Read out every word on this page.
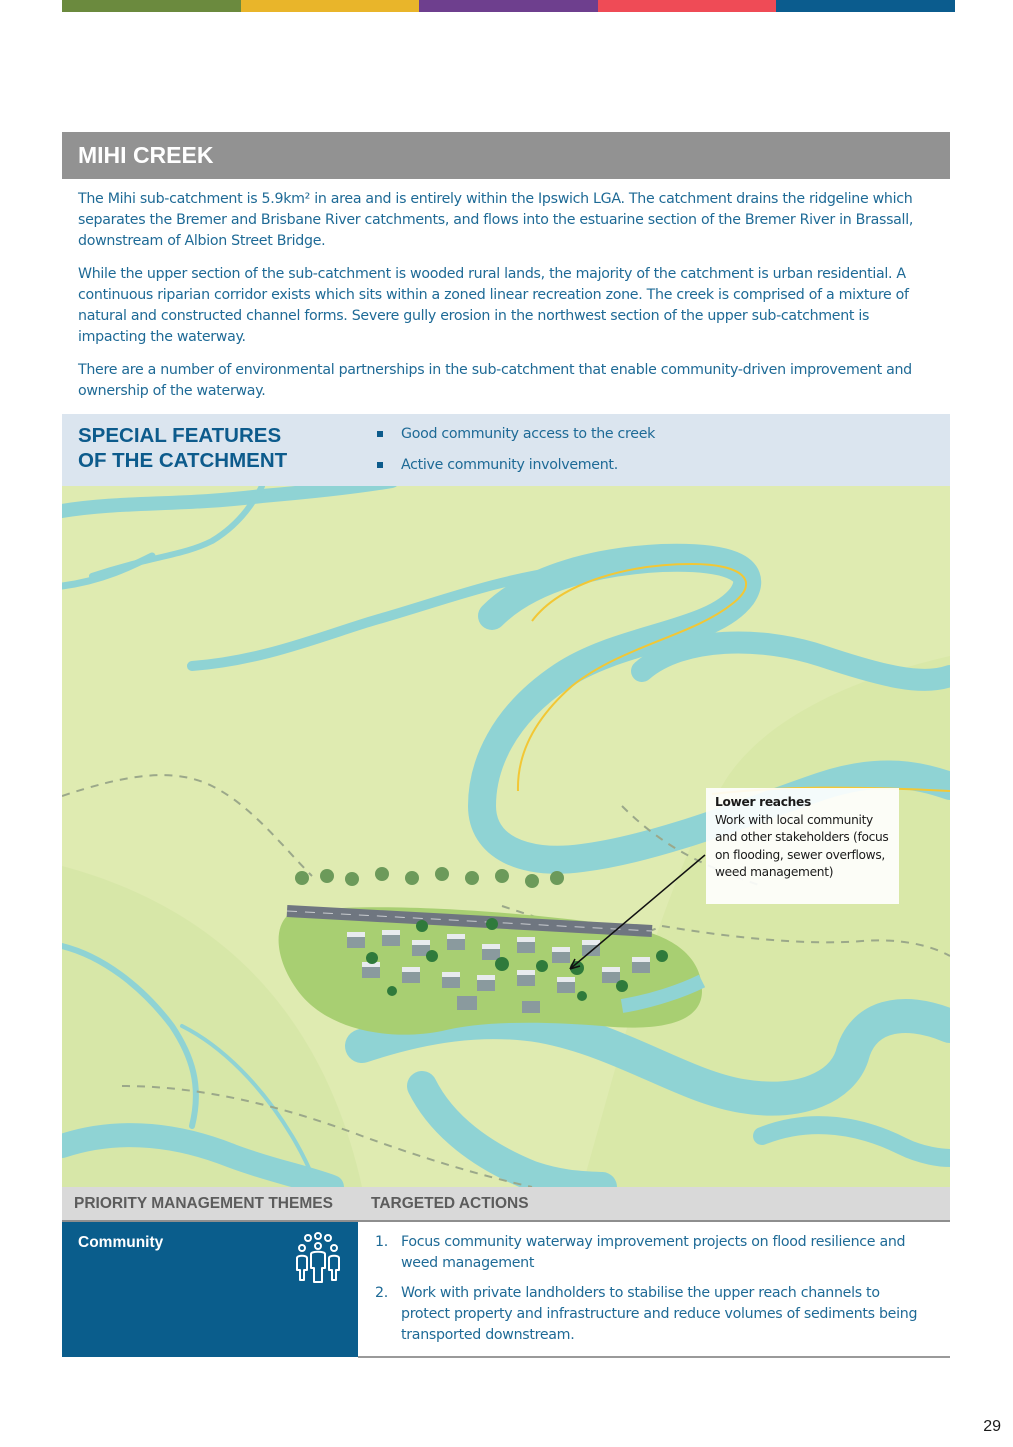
MIHI CREEK

The Mihi sub-catchment is 5.9km² in area and is entirely within the Ipswich LGA. The catchment drains the ridgeline which separates the Bremer and Brisbane River catchments, and flows into the estuarine section of the Bremer River in Brassall, downstream of Albion Street Bridge.

While the upper section of the sub-catchment is wooded rural lands, the majority of the catchment is urban residential. A continuous riparian corridor exists which sits within a zoned linear recreation zone. The creek is comprised of a mixture of natural and constructed channel forms. Severe gully erosion in the northwest section of the upper sub-catchment is impacting the waterway.

There are a number of environmental partnerships in the sub-catchment that enable community-driven improvement and ownership of the waterway.

SPECIAL FEATURES
OF THE CATCHMENT
Good community access to the creek
Active community involvement.
Lower reaches
Work with local community and other stakeholders (focus on flooding, sewer overflows, weed management)
PRIORITY MANAGEMENT THEMES TARGETED ACTIONS
Community	1. Focus community waterway improvement projects on flood resilience and weed management
2. Work with private landholders to stabilise the upper reach channels to protect property and infrastructure and reduce volumes of sediments being transported downstream.
29
